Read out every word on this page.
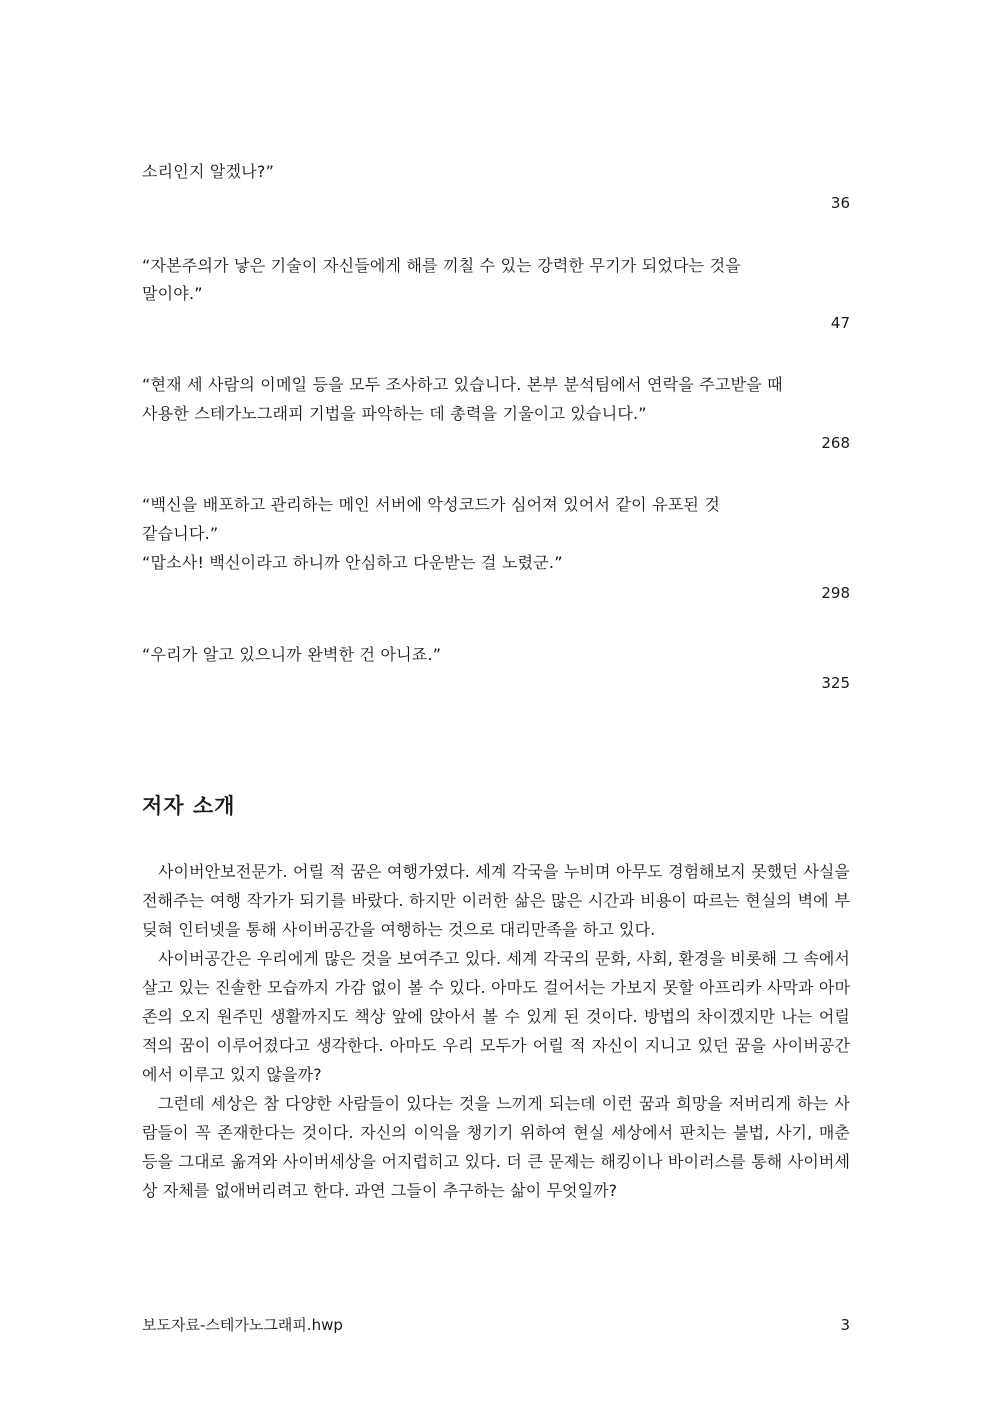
소리인지 알겠나?”
36
“자본주의가 낳은 기술이 자신들에게 해를 끼칠 수 있는 강력한 무기가 되었다는 것을
말이야.”
47
“현재 세 사람의 이메일 등을 모두 조사하고 있습니다. 본부 분석팀에서 연락을 주고받을 때
사용한 스테가노그래피 기법을 파악하는 데 총력을 기울이고 있습니다.”
268
“백신을 배포하고 관리하는 메인 서버에 악성코드가 심어져 있어서 같이 유포된 것
같습니다.”
“맙소사! 백신이라고 하니까 안심하고 다운받는 걸 노렸군.”
298
“우리가 알고 있으니까 완벽한 건 아니죠.”
325
저자 소개

사이버안보전문가. 어릴 적 꿈은 여행가였다. 세계 각국을 누비며 아무도 경험해보지 못했던 사실을 전해주는 여행 작가가 되기를 바랐다. 하지만 이러한 삶은 많은 시간과 비용이 따르는 현실의 벽에 부딪혀 인터넷을 통해 사이버공간을 여행하는 것으로 대리만족을 하고 있다.

사이버공간은 우리에게 많은 것을 보여주고 있다. 세계 각국의 문화, 사회, 환경을 비롯해 그 속에서 살고 있는 진솔한 모습까지 가감 없이 볼 수 있다. 아마도 걸어서는 가보지 못할 아프리카 사막과 아마존의 오지 원주민 생활까지도 책상 앞에 앉아서 볼 수 있게 된 것이다. 방법의 차이겠지만 나는 어릴 적의 꿈이 이루어졌다고 생각한다. 아마도 우리 모두가 어릴 적 자신이 지니고 있던 꿈을 사이버공간에서 이루고 있지 않을까?

그런데 세상은 참 다양한 사람들이 있다는 것을 느끼게 되는데 이런 꿈과 희망을 저버리게 하는 사람들이 꼭 존재한다는 것이다. 자신의 이익을 챙기기 위하여 현실 세상에서 판치는 불법, 사기, 매춘 등을 그대로 옮겨와 사이버세상을 어지럽히고 있다. 더 큰 문제는 해킹이나 바이러스를 통해 사이버세상 자체를 없애버리려고 한다. 과연 그들이 추구하는 삶이 무엇일까?

보도자료-스테가노그래피.hwp	3
